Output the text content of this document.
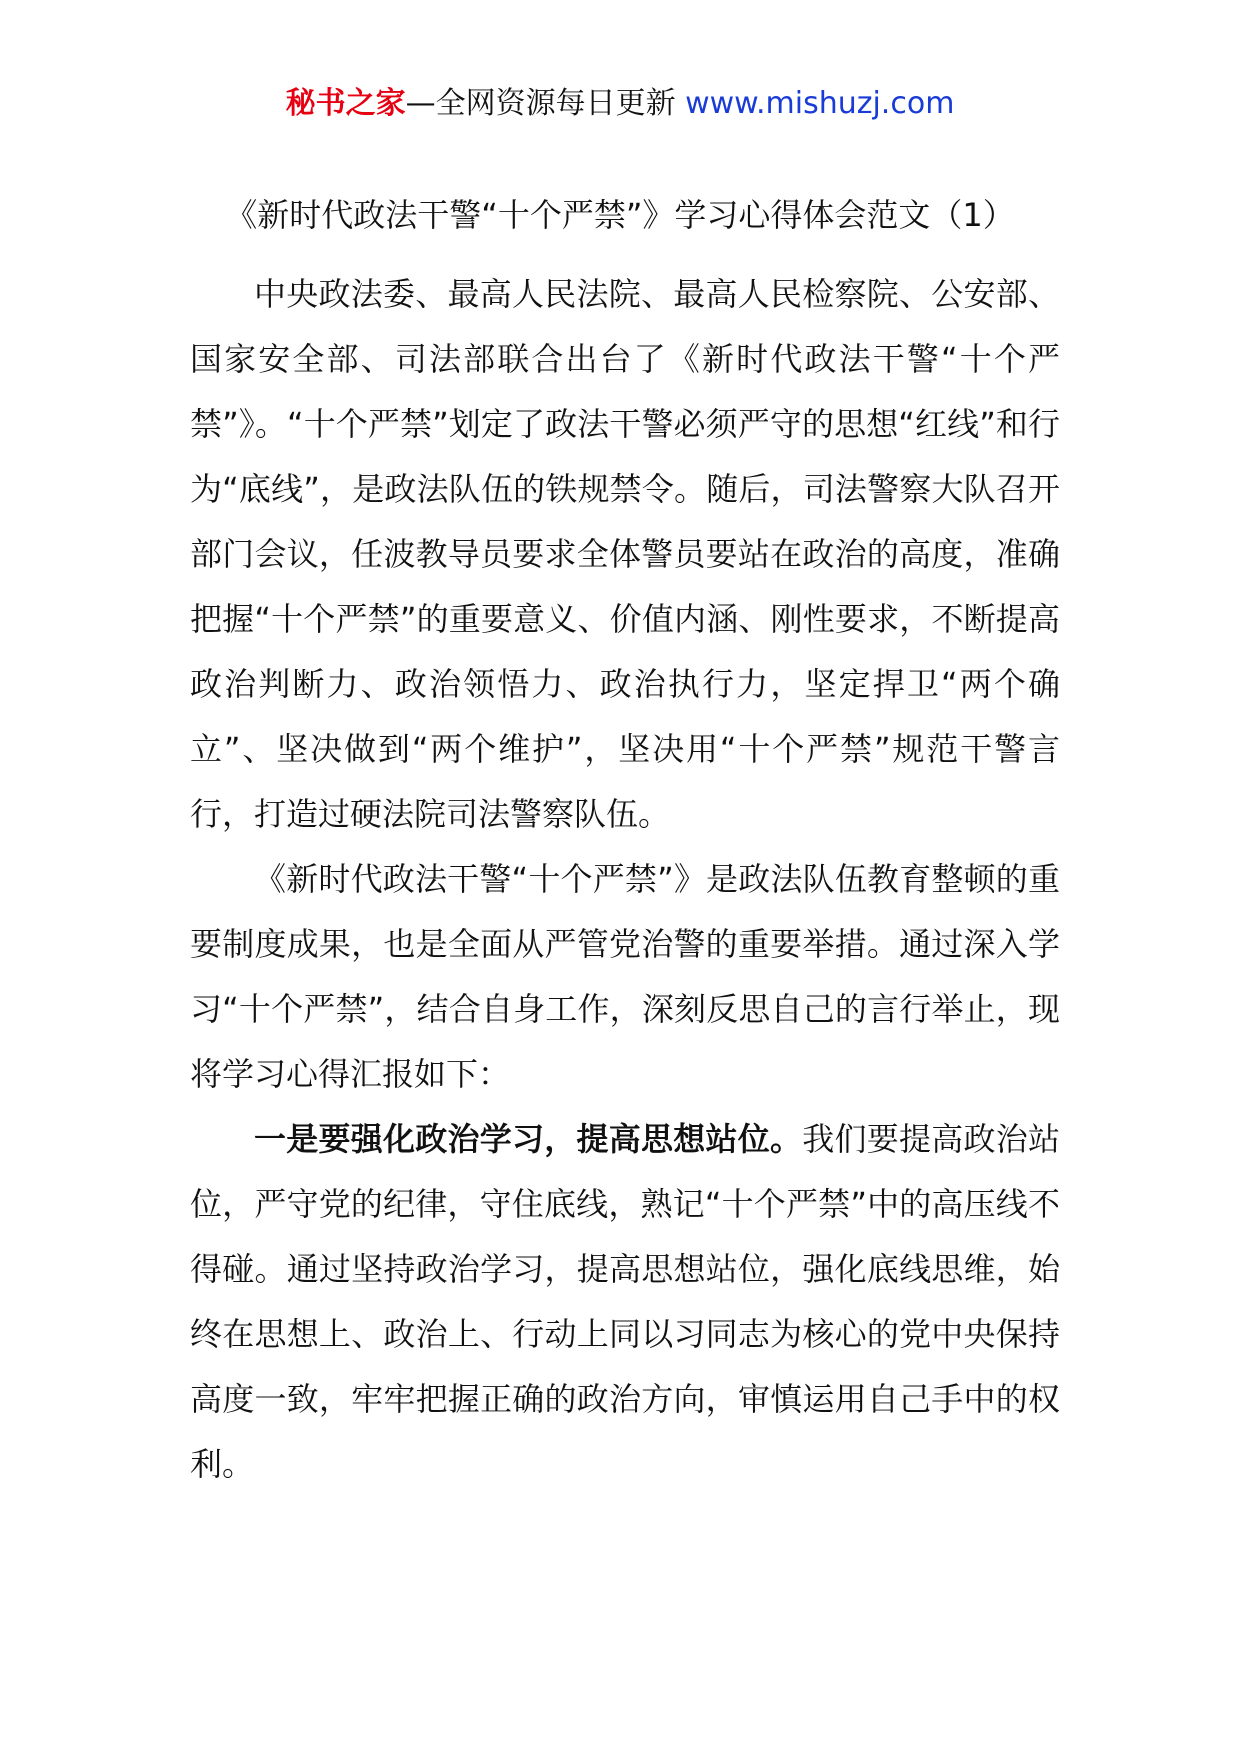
秘书之家—全网资源每日更新 www.mishuzj.com
《新时代政法干警“十个严禁”》学习心得体会范文（1）

中央政法委、最高人民法院、最高人民检察院、公安部、国家安全部、司法部联合出台了《新时代政法干警“十个严禁”》。“十个严禁”划定了政法干警必须严守的思想“红线”和行为“底线”，是政法队伍的铁规禁令。随后，司法警察大队召开部门会议，任波教导员要求全体警员要站在政治的高度，准确把握“十个严禁”的重要意义、价值内涵、刚性要求，不断提高政治判断力、政治领悟力、政治执行力，坚定捍卫“两个确立”、坚决做到“两个维护”，坚决用“十个严禁”规范干警言行，打造过硬法院司法警察队伍。

《新时代政法干警“十个严禁”》是政法队伍教育整顿的重要制度成果，也是全面从严管党治警的重要举措。通过深入学习“十个严禁”，结合自身工作，深刻反思自己的言行举止，现将学习心得汇报如下：

一是要强化政治学习，提高思想站位。我们要提高政治站位，严守党的纪律，守住底线，熟记“十个严禁”中的高压线不得碰。通过坚持政治学习，提高思想站位，强化底线思维，始终在思想上、政治上、行动上同以习同志为核心的党中央保持高度一致，牢牢把握正确的政治方向，审慎运用自己手中的权利。
